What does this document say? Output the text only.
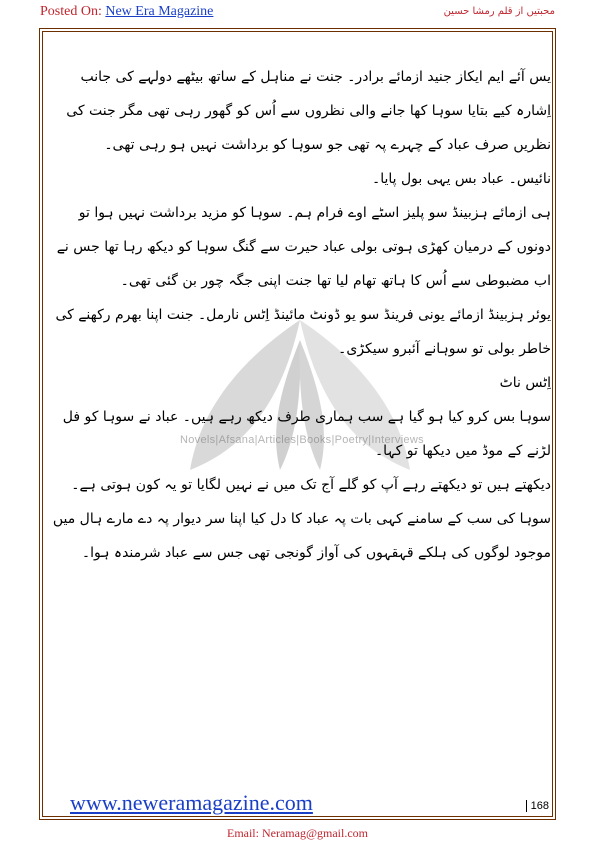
Posted On: New Era Magazine	محبتیں از قلم رمشا حسین
Novels|Afsana|Articles|Books|Poetry|Interviews

یس آئے ایم ایکاز جنید ازمائے برادر۔ جنت نے مناہل کے ساتھ بیٹھے دولہے کی جانب اِشارہ کیے بتایا سوہا کھا جانے والی نظروں سے اُس کو گھور رہی تھی مگر جنت کی نظریں صرف عباد کے چہرے پہ تھی جو سوہا کو برداشت نہیں ہو رہی تھی۔

نائیس۔ عباد بس یہی بول پایا۔

ہی ازمائے ہزبینڈ سو پلیز اسٹے اوے فرام ہم۔ سوہا کو مزید برداشت نہیں ہوا تو دونوں کے درمیان کھڑی ہوتی بولی عباد حیرت سے گنگ سوہا کو دیکھ رہا تھا جس نے اب مضبوطی سے اُس کا ہاتھ تھام لیا تھا جنت اپنی جگہ چور بن گئی تھی۔

یوئر ہزبینڈ ازمائے یونی فرینڈ سو یو ڈونٹ مائینڈ اِٹس نارمل۔ جنت اپنا بھرم رکھنے کی خاطر بولی تو سوہانے آئبرو سیکڑی۔

اِٹس ناٹ

سوہا بس کرو کیا ہو گیا ہے سب ہماری طرف دیکھ رہے ہیں۔ عباد نے سوہا کو فل لڑنے کے موڈ میں دیکھا تو کہا۔

دیکھتے ہیں تو دیکھتے رہے آپ کو گلے آج تک میں نے نہیں لگایا تو یہ کون ہوتی ہے۔ سوہا کی سب کے سامنے کہی بات پہ عباد کا دل کیا اپنا سر دیوار پہ دے مارے ہال میں موجود لوگوں کی ہلکے قہقہوں کی آواز گونجی تھی جس سے عباد شرمندہ ہوا۔

www.neweramagazine.com	168
Email: Neramag@gmail.com
